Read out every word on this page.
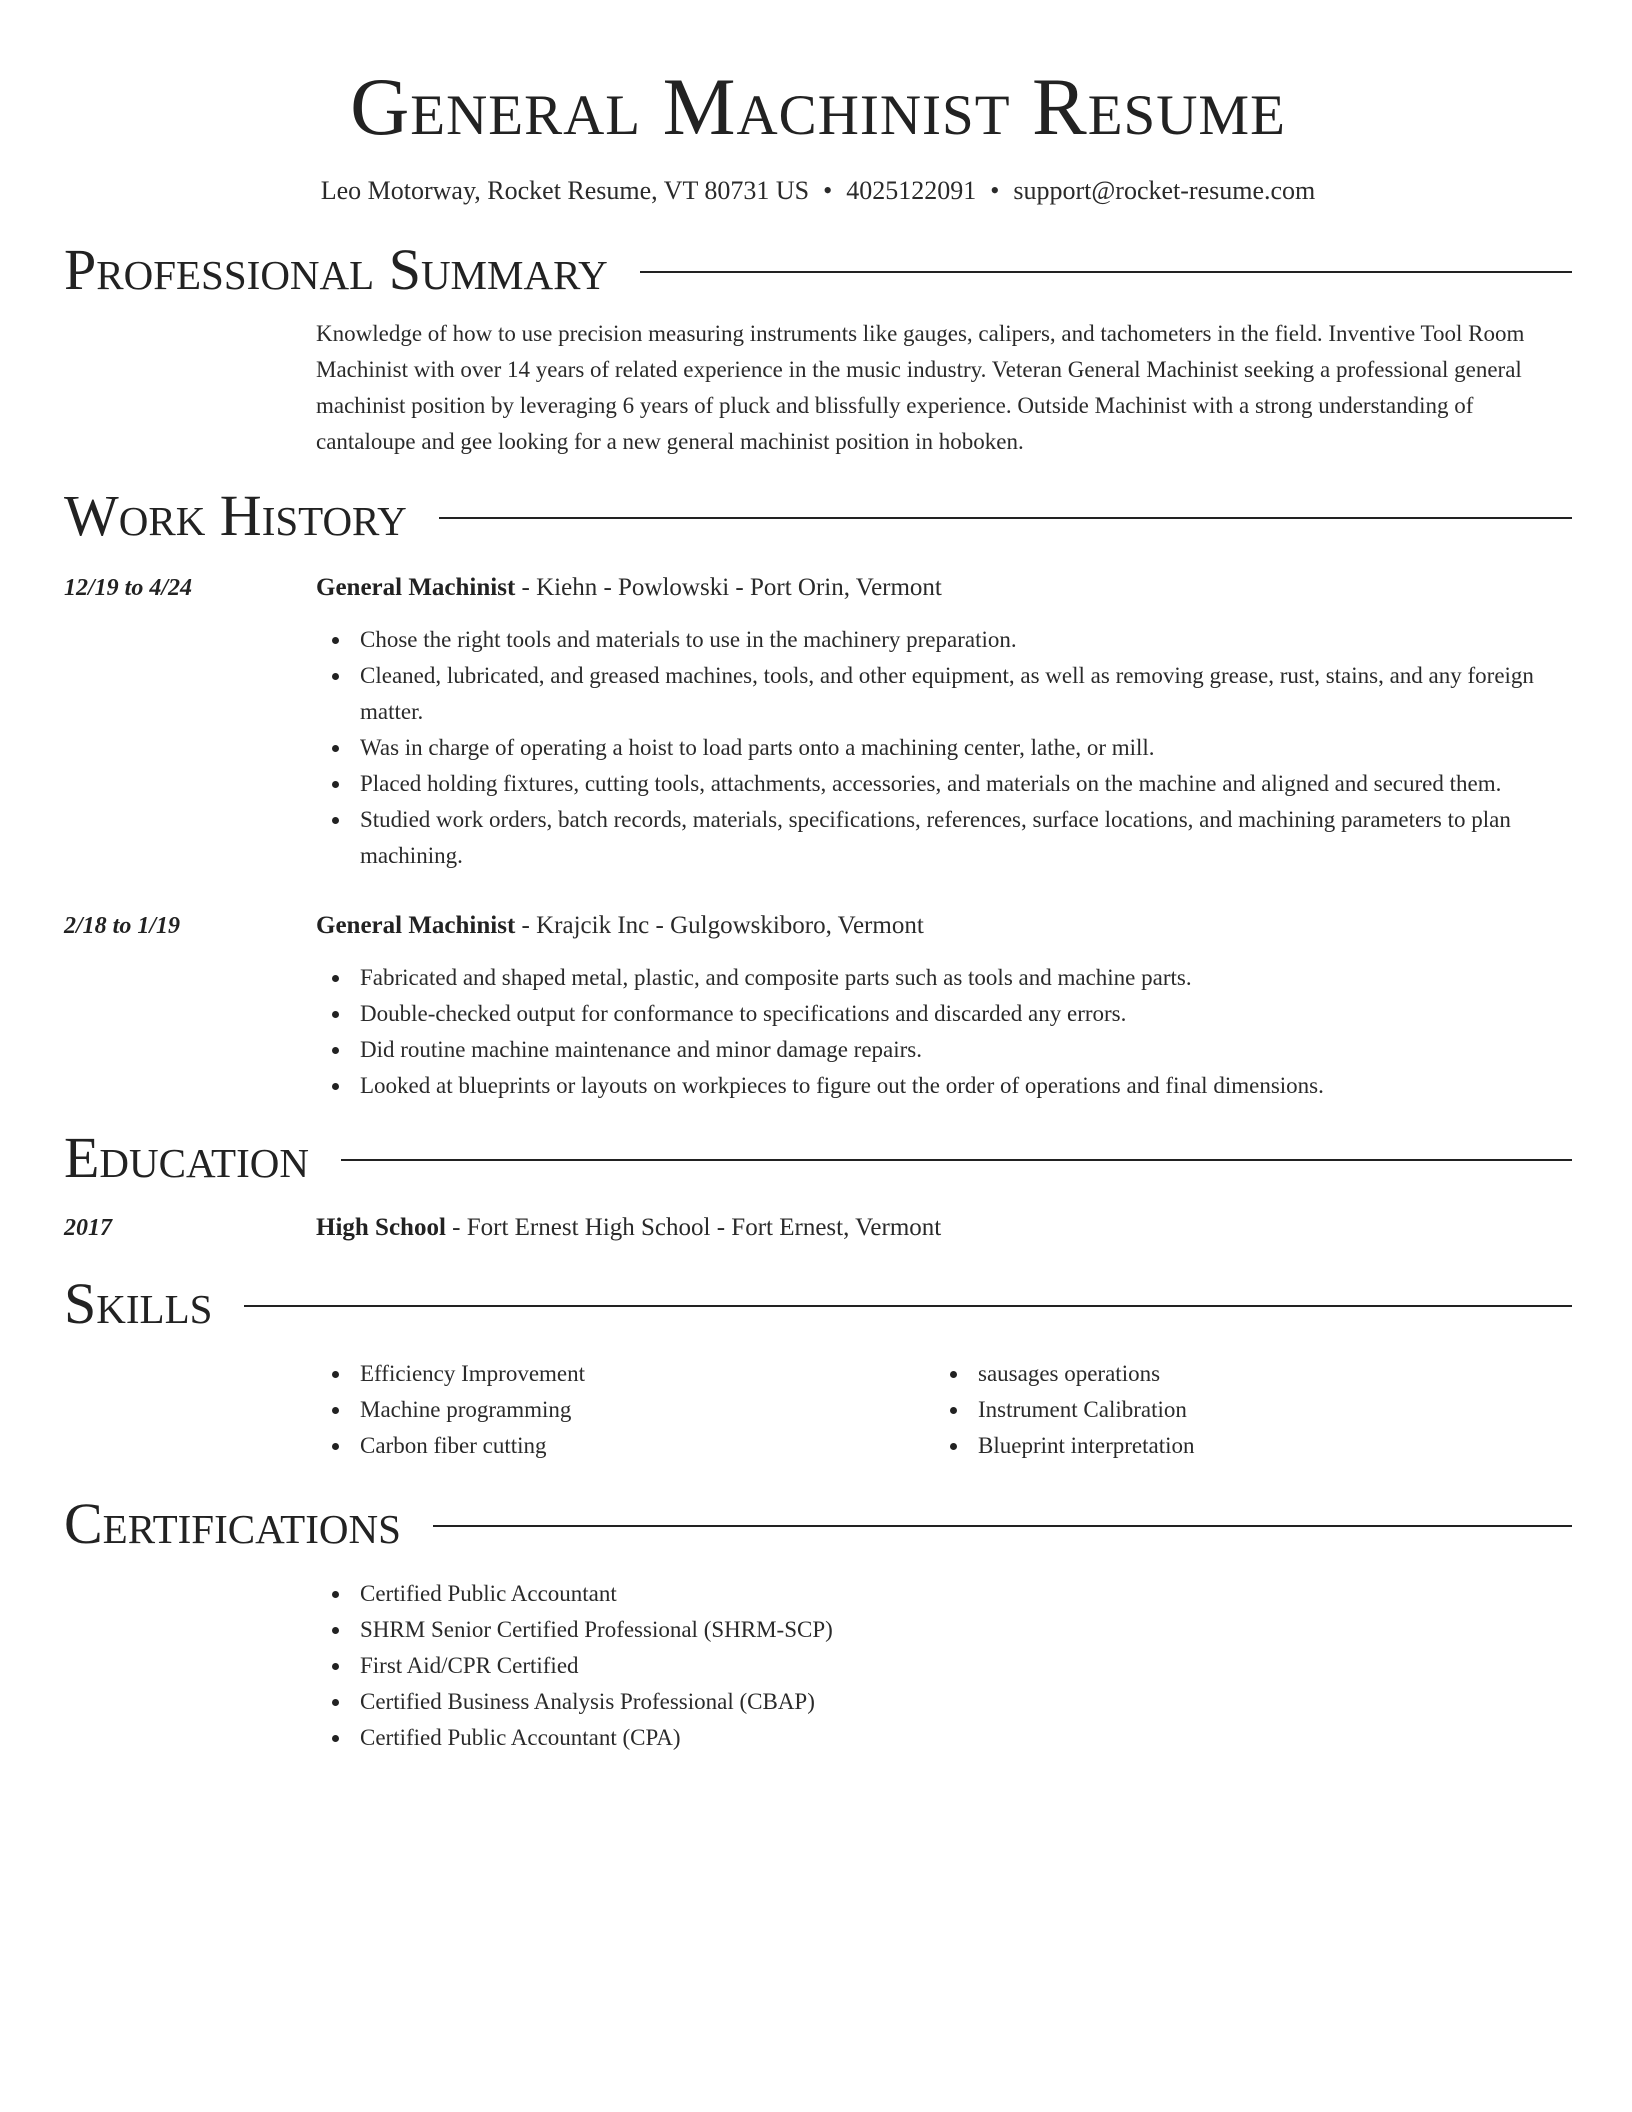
General Machinist Resume
Leo Motorway, Rocket Resume, VT 80731 US • 4025122091 • support@rocket-resume.com
Professional Summary

Knowledge of how to use precision measuring instruments like gauges, calipers, and tachometers in the field. Inventive Tool Room Machinist with over 14 years of related experience in the music industry. Veteran General Machinist seeking a professional general machinist position by leveraging 6 years of pluck and blissfully experience. Outside Machinist with a strong understanding of cantaloupe and gee looking for a new general machinist position in hoboken.

Work History
12/19 to 4/24	General Machinist - Kiehn - Powlowski - Port Orin, Vermont
Chose the right tools and materials to use in the machinery preparation.
Cleaned, lubricated, and greased machines, tools, and other equipment, as well as removing grease, rust, stains, and any foreign matter.
Was in charge of operating a hoist to load parts onto a machining center, lathe, or mill.
Placed holding fixtures, cutting tools, attachments, accessories, and materials on the machine and aligned and secured them.
Studied work orders, batch records, materials, specifications, references, surface locations, and machining parameters to plan machining.
2/18 to 1/19	General Machinist - Krajcik Inc - Gulgowskiboro, Vermont
Fabricated and shaped metal, plastic, and composite parts such as tools and machine parts.
Double-checked output for conformance to specifications and discarded any errors.
Did routine machine maintenance and minor damage repairs.
Looked at blueprints or layouts on workpieces to figure out the order of operations and final dimensions.
Education
2017	High School - Fort Ernest High School - Fort Ernest, Vermont
Skills
Efficiency Improvement
Machine programming
Carbon fiber cutting
sausages operations
Instrument Calibration
Blueprint interpretation
Certifications
Certified Public Accountant
SHRM Senior Certified Professional (SHRM-SCP)
First Aid/CPR Certified
Certified Business Analysis Professional (CBAP)
Certified Public Accountant (CPA)
